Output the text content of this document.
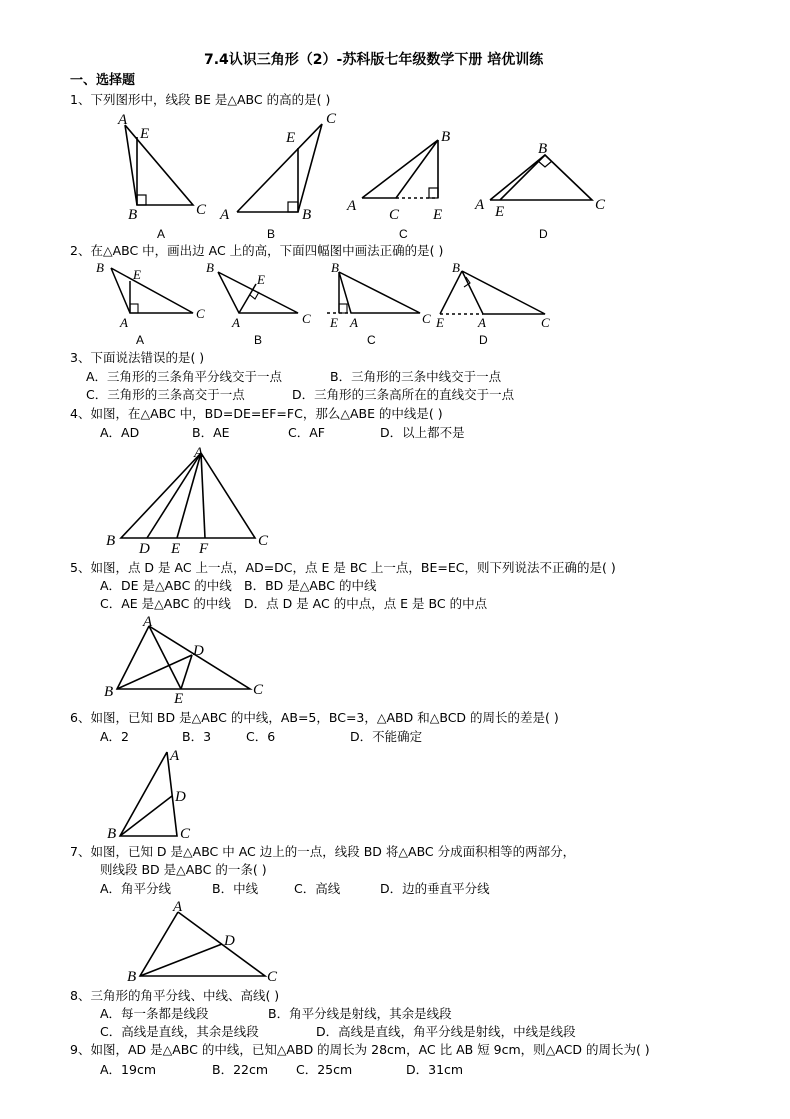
7.4认识三角形（2）-苏科版七年级数学下册 培优训练
一、选择题
1、下列图形中，线段 BE 是△ABC 的高的是( )
A
E
B	C
A
E
C
A	B
B
B
A
C E
C
B
A E	C
D
2、在△ABC 中，画出边 AC 上的高，下面四幅图中画法正确的是( )
B E
A
C
A
B
E
A	C
B
B
E A	C
C
B
E	A	C
D
3、下面说法错误的是( )
A．三角形的三条角平分线交于一点	B．三角形的三条中线交于一点
C．三角形的三条高交于一点	D．三角形的三条高所在的直线交于一点
4、如图，在△ABC 中，BD=DE=EF=FC，那么△ABE 的中线是( )
A．AD	B．AE	C．AF	D．以上都不是
A
B D E F	C
5、如图，点 D 是 AC 上一点，AD=DC，点 E 是 BC 上一点，BE=EC，则下列说法不正确的是( )
A．DE 是△ABC 的中线 B．BD 是△ABC 的中线
C．AE 是△ABC 的中线 D．点 D 是 AC 的中点，点 E 是 BC 的中点
A
D
B	E
C
6、如图，已知 BD 是△ABC 的中线，AB=5，BC=3，△ABD 和△BCD 的周长的差是( )
A．2	B．3	C．6	D．不能确定
A
D
B	C
7、如图，已知 D 是△ABC 中 AC 边上的一点，线段 BD 将△ABC 分成面积相等的两部分，
则线段 BD 是△ABC 的一条( )
A．角平分线	B．中线	C．高线	D．边的垂直平分线
A
D
B	C
8、三角形的角平分线、中线、高线( )
A．每一条都是线段	B．角平分线是射线，其余是线段
C．高线是直线，其余是线段	D．高线是直线，角平分线是射线，中线是线段
9、如图，AD 是△ABC 的中线，已知△ABD 的周长为 28cm，AC 比 AB 短 9cm，则△ACD 的周长为( )
A．19cm	B．22cm C．25cm	D．31cm
